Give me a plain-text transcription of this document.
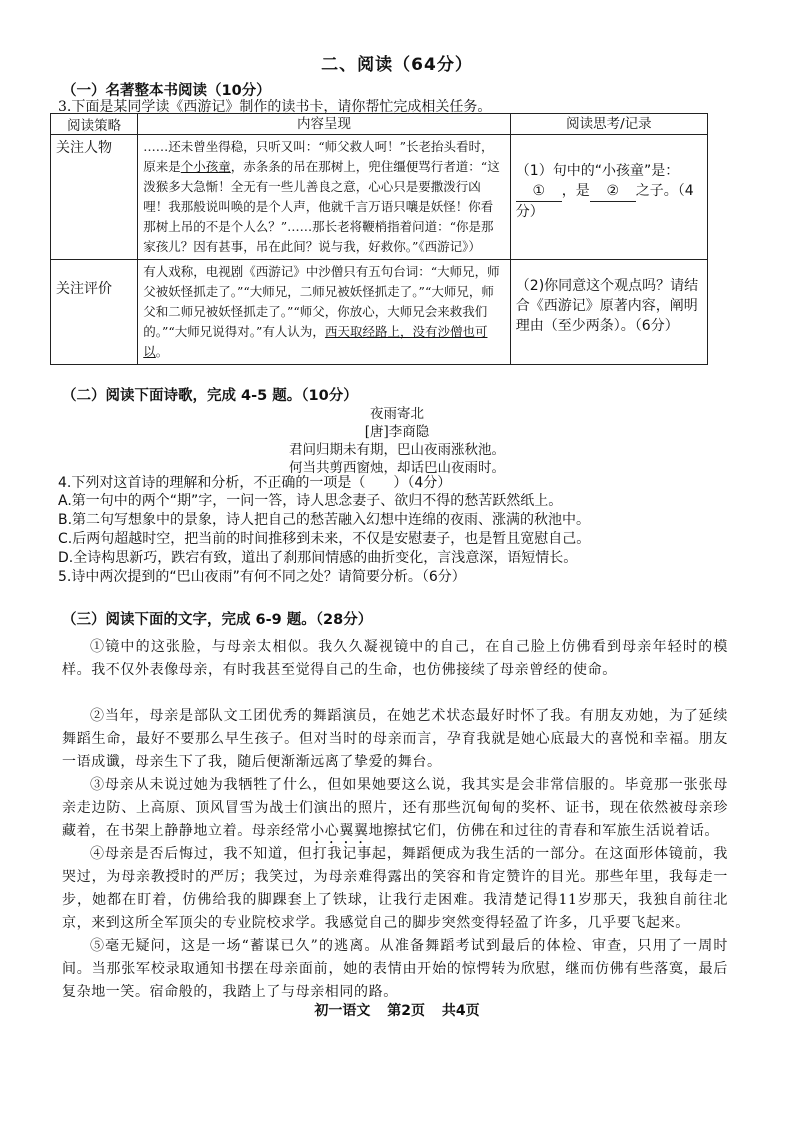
二、阅读（64分）
（一）名著整本书阅读（10分）
3.下面是某同学读《西游记》制作的读书卡，请你帮忙完成相关任务。
阅读策略	内容呈现	阅读思考/记录
关注人物	……还未曾坐得稳，只听又叫：“师父救人呵！”长老抬头看时，原来是个小孩童，赤条条的吊在那树上，兜住缰便骂行者道：“这泼猴多大急惭！全无有一些儿善良之意，心心只是要撒泼行凶哩！我那般说叫唤的是个人声，他就千言万语只嚷是妖怪！你看那树上吊的不是个人么？”……那长老将鞭梢指着问道：“你是那家孩儿？因有甚事，吊在此间？说与我，好救你。”《西游记》）	（1）句中的“小孩童”是：① ，是 ② 之子。（4分）
关注评价	有人戏称，电视剧《西游记》中沙僧只有五句台词：“大师兄，师父被妖怪抓走了。”“大师兄，二师兄被妖怪抓走了。”“大师兄，师父和二师兄被妖怪抓走了。”“师父，你放心，大师兄会来救我们的。”“大师兄说得对。”有人认为，西天取经路上，没有沙僧也可以。	（2)你同意这个观点吗？请结合《西游记》原著内容，阐明理由（至少两条）。（6分）
（二）阅读下面诗歌，完成 4-5 题。（10分）
夜雨寄北
[唐]李商隐
君问归期未有期，巴山夜雨涨秋池。
何当共剪西窗烛，却话巴山夜雨时。
4.下列对这首诗的理解和分析，不正确的一项是（　　）（4分）
A.第一句中的两个“期”字，一问一答，诗人思念妻子、欲归不得的愁苦跃然纸上。
B.第二句写想象中的景象，诗人把自己的愁苦融入幻想中连绵的夜雨、涨满的秋池中。
C.后两句超越时空，把当前的时间推移到未来，不仅是安慰妻子，也是暂且宽慰自己。
D.全诗构思新巧，跌宕有致，道出了刹那间情感的曲折变化，言浅意深，语短情长。
5.诗中两次提到的“巴山夜雨”有何不同之处？请简要分析。（6分）
（三）阅读下面的文字，完成 6-9 题。（28分）
①镜中的这张脸，与母亲太相似。我久久凝视镜中的自己，在自己脸上仿佛看到母亲年轻时的模样。我不仅外表像母亲，有时我甚至觉得自己的生命，也仿佛接续了母亲曾经的使命。
②当年，母亲是部队文工团优秀的舞蹈演员，在她艺术状态最好时怀了我。有朋友劝她，为了延续舞蹈生命，最好不要那么早生孩子。但对当时的母亲而言，孕育我就是她心底最大的喜悦和幸福。朋友一语成谶，母亲生下了我，随后便渐渐远离了挚爱的舞台。
③母亲从未说过她为我牺牲了什么，但如果她要这么说，我其实是会非常信服的。毕竟那一张张母亲走边防、上高原、顶风冒雪为战士们演出的照片，还有那些沉甸甸的奖杯、证书，现在依然被母亲珍藏着，在书架上静静地立着。母亲经常小心翼翼地擦拭它们，仿佛在和过往的青春和军旅生活说着话。
④母亲是否后悔过，我不知道，但打我记事起，舞蹈便成为我生活的一部分。在这面形体镜前，我哭过，为母亲教授时的严厉；我笑过，为母亲难得露出的笑容和肯定赞许的目光。那些年里，我每走一步，她都在盯着，仿佛给我的脚踝套上了铁球，让我行走困难。我清楚记得11岁那天，我独自前往北京，来到这所全军顶尖的专业院校求学。我感觉自己的脚步突然变得轻盈了许多，几乎要飞起来。
⑤毫无疑问，这是一场“蓄谋已久”的逃离。从准备舞蹈考试到最后的体检、审查，只用了一周时间。当那张军校录取通知书摆在母亲面前，她的表情由开始的惊愕转为欣慰，继而仿佛有些落寞，最后复杂地一笑。宿命般的，我踏上了与母亲相同的路。
初一语文 第2页 共4页
